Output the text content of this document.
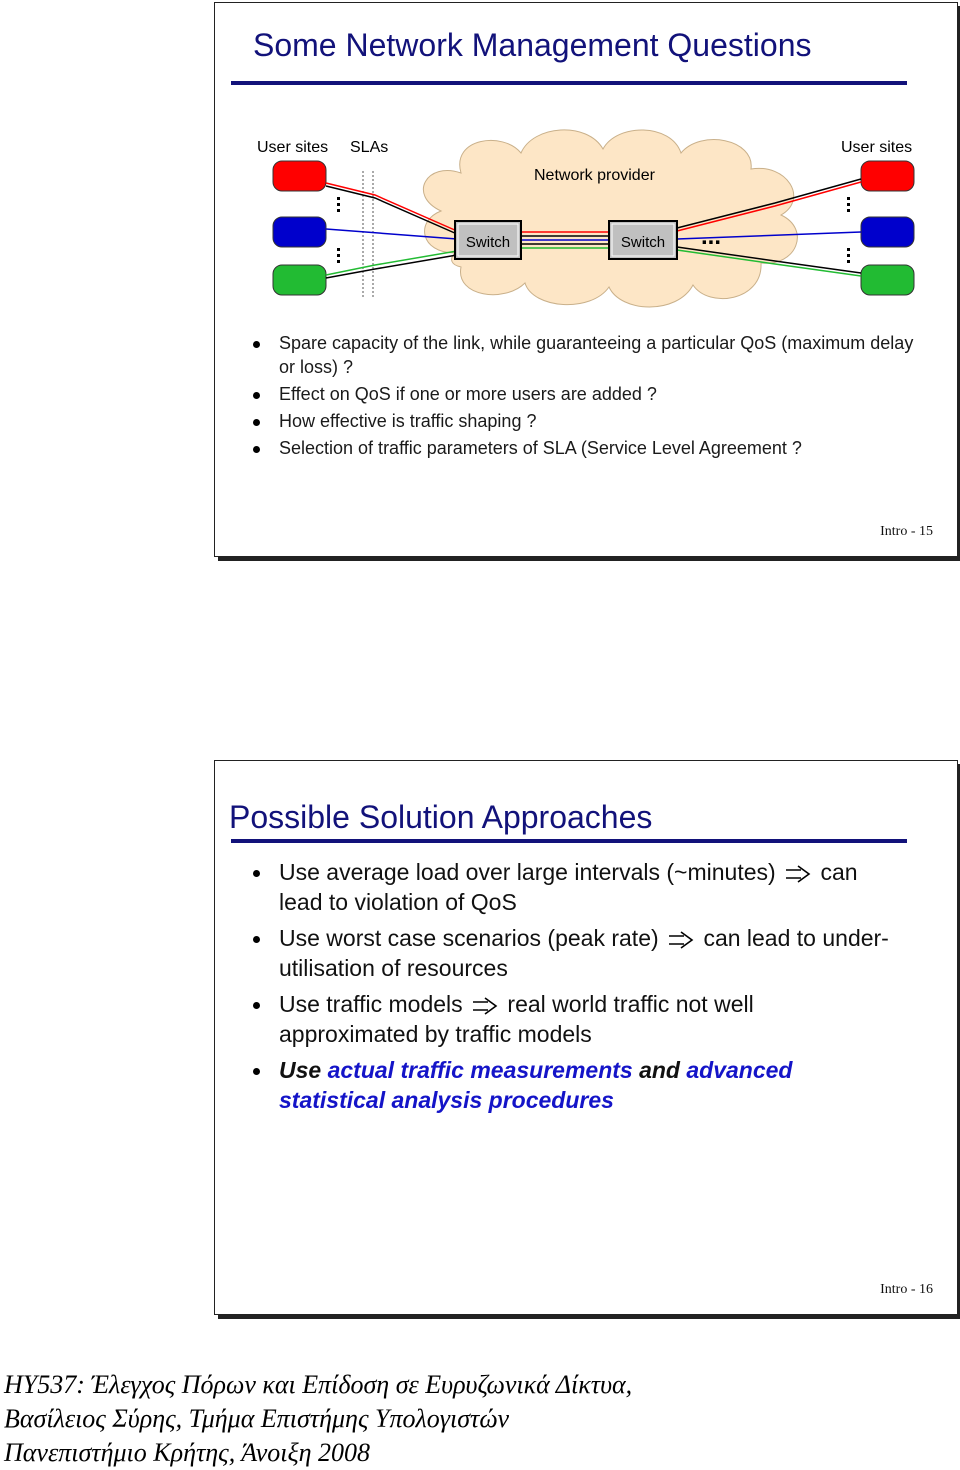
Some Network Management Questions
Switch	Switch ...
User sites SLAs	User sites
Network provider
Spare capacity of the link, while guaranteeing a particular QoS (maximum delay or loss) ?
Effect on QoS if one or more users are added ?
How effective is traffic shaping ?
Selection of traffic parameters of SLA (Service Level Agreement ?
Intro - 15
Possible Solution Approaches
Use average load over large intervals (~minutes) can lead to violation of QoS
Use worst case scenarios (peak rate) can lead to under-utilisation of resources
Use traffic models real world traffic not well approximated by traffic models
Use actual traffic measurements and advanced statistical analysis procedures
Intro - 16
HY537: Έλεγχος Πόρων και Επίδοση σε Ευρυζωνικά Δίκτυα,
Βασίλειος Σύρης, Τμήμα Επιστήμης Υπολογιστών
Πανεπιστήμιο Κρήτης, Άνοιξη 2008
